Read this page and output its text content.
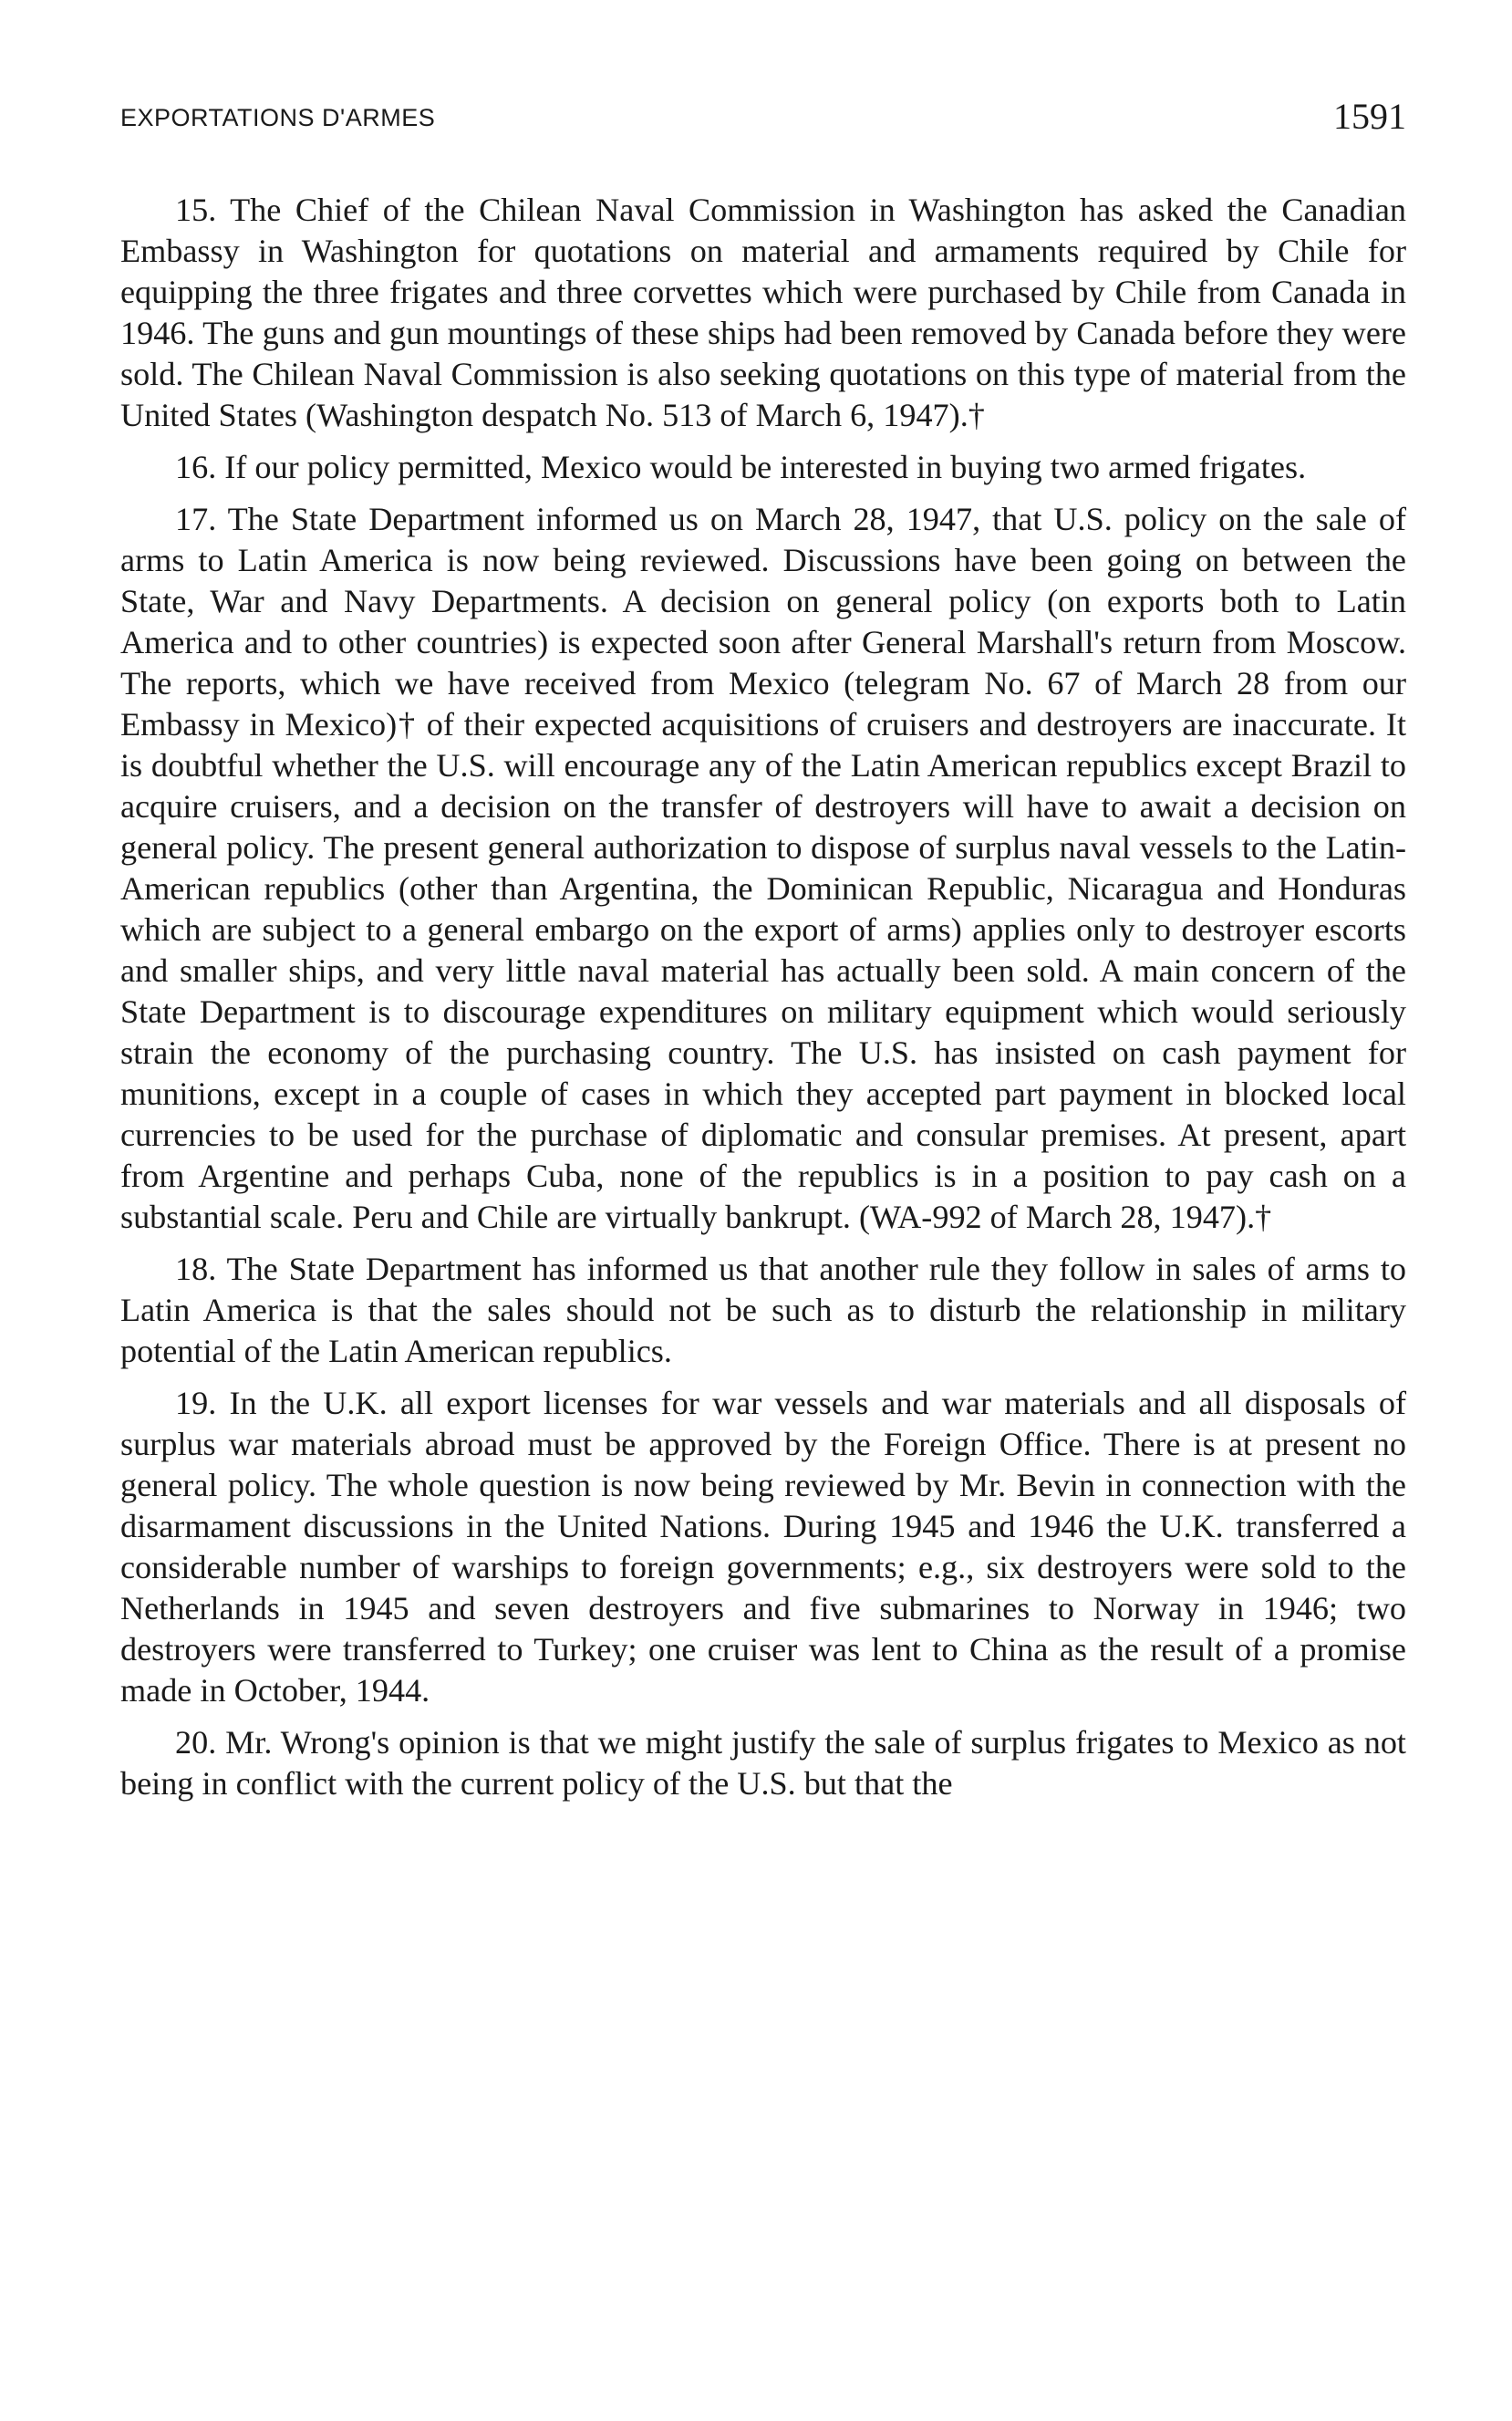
EXPORTATIONS D'ARMES	1591

15. The Chief of the Chilean Naval Commission in Washington has asked the Canadian Embassy in Washington for quotations on material and armaments required by Chile for equipping the three frigates and three corvettes which were purchased by Chile from Canada in 1946. The guns and gun mountings of these ships had been removed by Canada before they were sold. The Chilean Naval Commission is also seeking quotations on this type of material from the United States (Washington despatch No. 513 of March 6, 1947).†

16. If our policy permitted, Mexico would be interested in buying two armed frigates.

17. The State Department informed us on March 28, 1947, that U.S. policy on the sale of arms to Latin America is now being reviewed. Discussions have been going on between the State, War and Navy Departments. A decision on general policy (on exports both to Latin America and to other countries) is expected soon after General Marshall's return from Moscow. The reports, which we have received from Mexico (telegram No. 67 of March 28 from our Embassy in Mexico)† of their expected acquisitions of cruisers and destroyers are inaccurate. It is doubtful whether the U.S. will encourage any of the Latin American republics except Brazil to acquire cruisers, and a decision on the transfer of destroyers will have to await a decision on general policy. The present general authorization to dispose of surplus naval vessels to the Latin-American republics (other than Argentina, the Dominican Republic, Nicaragua and Honduras which are subject to a general embargo on the export of arms) applies only to destroyer escorts and smaller ships, and very little naval material has actually been sold. A main concern of the State Department is to discourage expenditures on military equipment which would seriously strain the economy of the purchasing country. The U.S. has insisted on cash payment for munitions, except in a couple of cases in which they accepted part payment in blocked local currencies to be used for the purchase of diplomatic and consular premises. At present, apart from Argentine and perhaps Cuba, none of the republics is in a position to pay cash on a substantial scale. Peru and Chile are virtually bankrupt. (WA-992 of March 28, 1947).†

18. The State Department has informed us that another rule they follow in sales of arms to Latin America is that the sales should not be such as to disturb the relationship in military potential of the Latin American republics.

19. In the U.K. all export licenses for war vessels and war materials and all disposals of surplus war materials abroad must be approved by the Foreign Office. There is at present no general policy. The whole question is now being reviewed by Mr. Bevin in connection with the disarmament discussions in the United Nations. During 1945 and 1946 the U.K. transferred a considerable number of warships to foreign governments; e.g., six destroyers were sold to the Netherlands in 1945 and seven destroyers and five submarines to Norway in 1946; two destroyers were transferred to Turkey; one cruiser was lent to China as the result of a promise made in October, 1944.

20. Mr. Wrong's opinion is that we might justify the sale of surplus frigates to Mexico as not being in conflict with the current policy of the U.S. but that the
